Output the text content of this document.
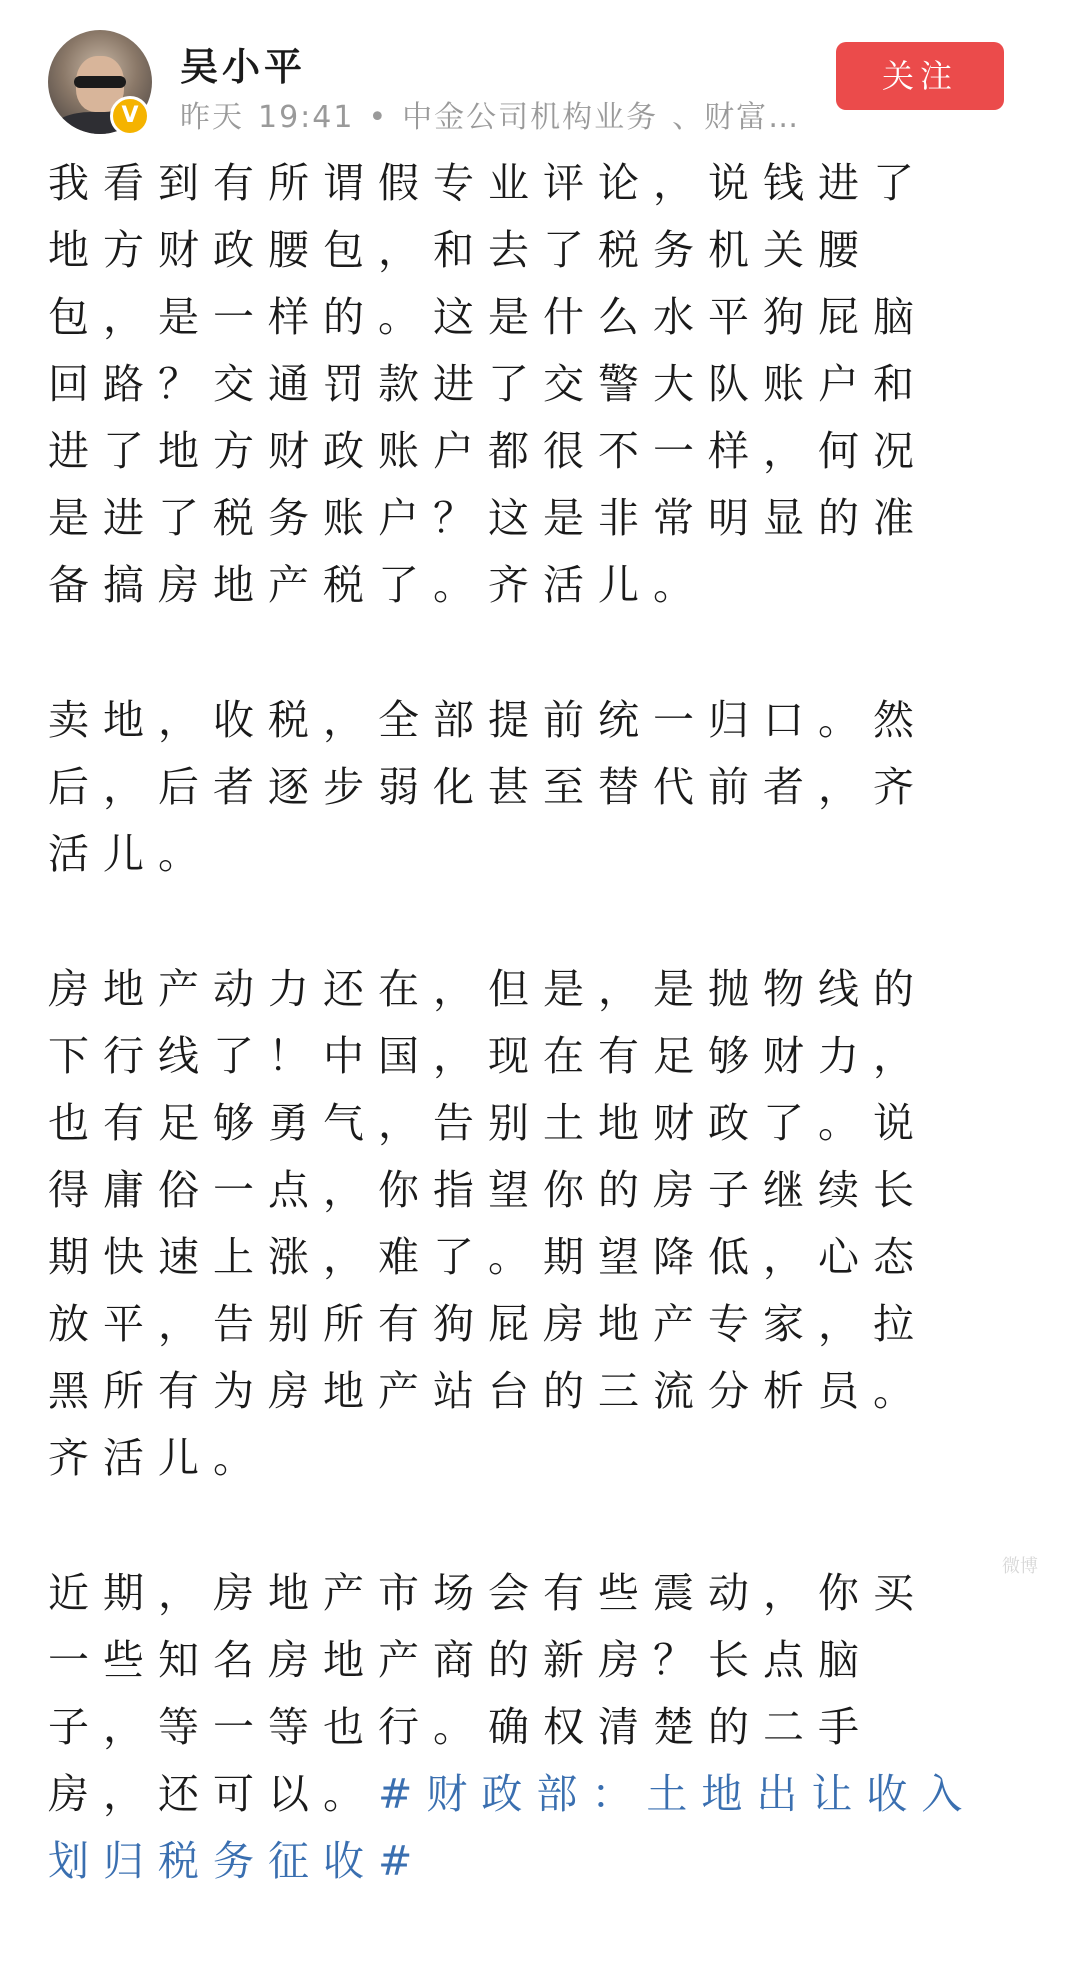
V
吴小平
昨天 19:41 • 中金公司机构业务 、财富…
关注

我看到有所谓假专业评论，说钱进了地方财政腰包，和去了税务机关腰包，是一样的。这是什么水平狗屁脑回路？交通罚款进了交警大队账户和进了地方财政账户都很不一样，何况是进了税务账户？这是非常明显的准备搞房地产税了。齐活儿。

卖地，收税，全部提前统一归口。然后，后者逐步弱化甚至替代前者，齐活儿。

房地产动力还在，但是，是抛物线的下行线了！中国，现在有足够财力，也有足够勇气，告别土地财政了。说得庸俗一点，你指望你的房子继续长期快速上涨，难了。期望降低，心态放平，告别所有狗屁房地产专家，拉黑所有为房地产站台的三流分析员。齐活儿。

近期，房地产市场会有些震动，你买一些知名房地产商的新房？长点脑子，等一等也行。确权清楚的二手房，还可以。#财政部：土地出让收入划归税务征收#

微博
